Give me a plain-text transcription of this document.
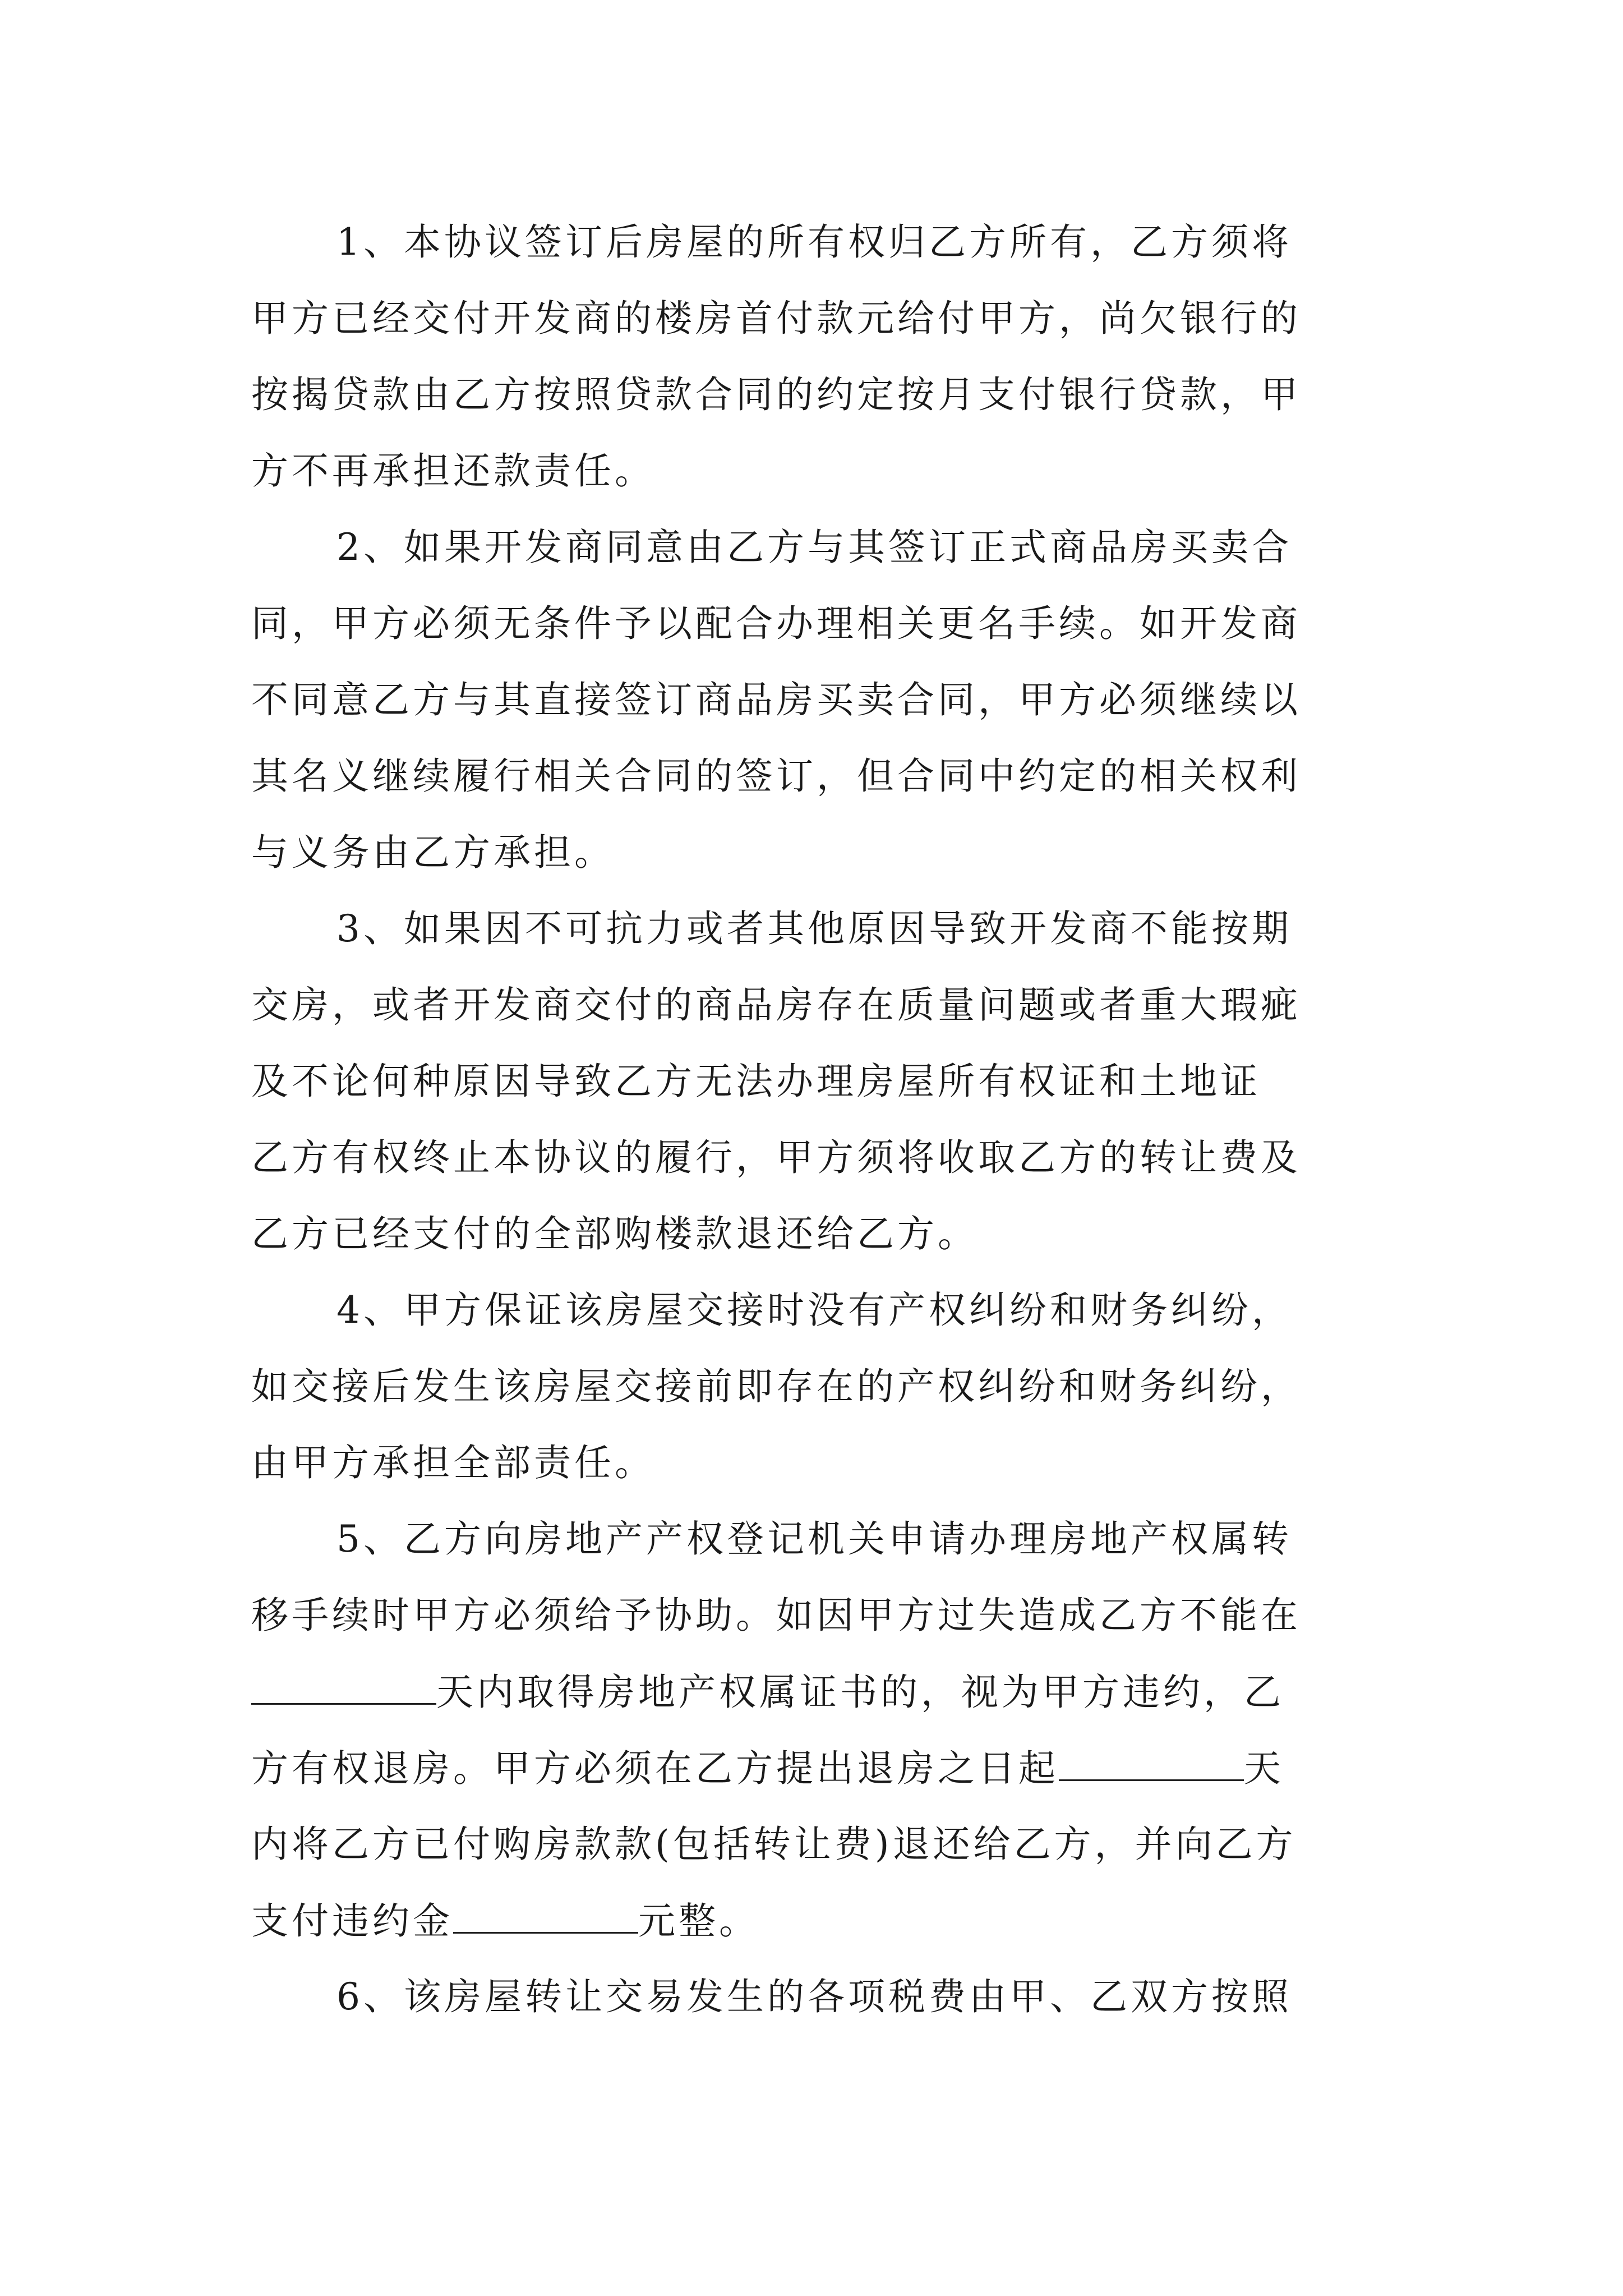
1、本协议签订后房屋的所有权归乙方所有，乙方须将
甲方已经交付开发商的楼房首付款元给付甲方，尚欠银行的
按揭贷款由乙方按照贷款合同的约定按月支付银行贷款，甲
方不再承担还款责任。
2、如果开发商同意由乙方与其签订正式商品房买卖合
同，甲方必须无条件予以配合办理相关更名手续。如开发商
不同意乙方与其直接签订商品房买卖合同，甲方必须继续以
其名义继续履行相关合同的签订，但合同中约定的相关权利
与义务由乙方承担。
3、如果因不可抗力或者其他原因导致开发商不能按期
交房，或者开发商交付的商品房存在质量问题或者重大瑕疵
及不论何种原因导致乙方无法办理房屋所有权证和土地证
乙方有权终止本协议的履行，甲方须将收取乙方的转让费及
乙方已经支付的全部购楼款退还给乙方。
4、甲方保证该房屋交接时没有产权纠纷和财务纠纷，
如交接后发生该房屋交接前即存在的产权纠纷和财务纠纷，
由甲方承担全部责任。
5、乙方向房地产产权登记机关申请办理房地产权属转
移手续时甲方必须给予协助。如因甲方过失造成乙方不能在
天内取得房地产权属证书的，视为甲方违约，乙
方有权退房。甲方必须在乙方提出退房之日起	天
内将乙方已付购房款款(包括转让费)退还给乙方，并向乙方
支付违约金	元整。
6、该房屋转让交易发生的各项税费由甲、乙双方按照
